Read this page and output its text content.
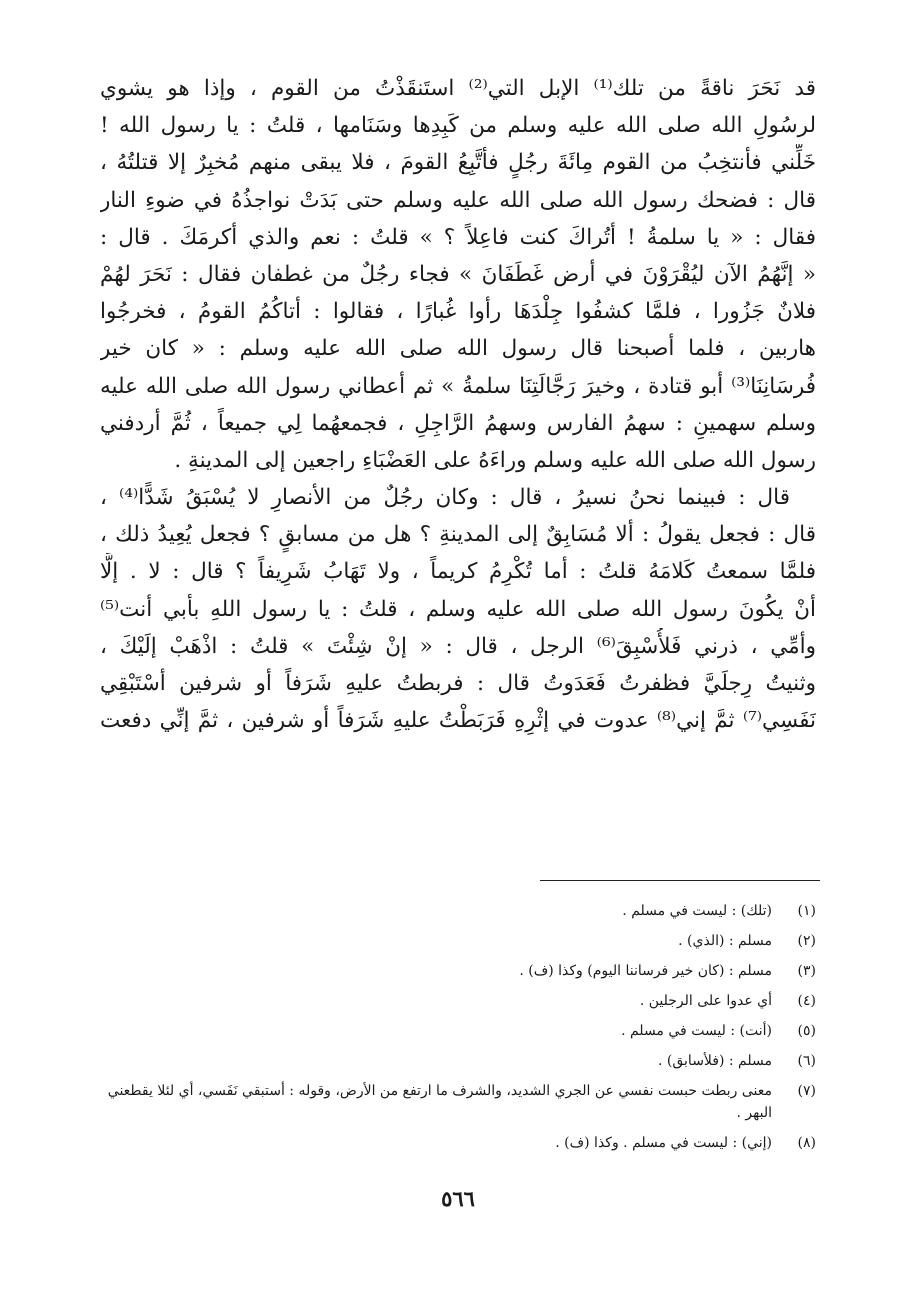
قد نَحَرَ ناقةً من تلك⁽¹⁾ الإبل التي⁽²⁾ استَنقَذْتُ من القوم ، وإذا هو يشوي
لرسُولِ الله صلى الله عليه وسلم من كَبِدِها وسَنَامها ، قلتُ : يا رسول الله !
خَلِّني فأنتخِبُ من القوم مِائَةَ رجُلٍ فأتَّبِعُ القومَ ، فلا يبقى منهم مُخبِرٌ إلا قتلتُهُ ،
قال : فضحك رسول الله صلى الله عليه وسلم حتى بَدَتْ نواجذُهُ في ضوءِ النار
فقال : « يا سلمةُ ! أتُراكَ كنت فاعِلاً ؟ » قلتُ : نعم والذي أكرمَكَ . قال :
« إنَّهُمُ الآن ليُقْرَوْنَ في أرض غَطَفَانَ » فجاء رجُلٌ من غطفان فقال : نَحَرَ لهُمْ
فلانٌ جَزُورا ، فلمَّا كشفُوا جِلْدَهَا رأوا غُبارًا ، فقالوا : أتاكُمُ القومُ ، فخرجُوا
هاربين ، فلما أصبحنا قال رسول الله صلى الله عليه وسلم : « كان خير
فُرسَانِنَا⁽³⁾ أبو قتادة ، وخيرَ رَجَّالَتِنَا سلمةُ » ثم أعطاني رسول الله صلى الله عليه
وسلم سهمينِ : سهمُ الفارس وسهمُ الرَّاجِلِ ، فجمعهُما لِي جميعاً ، ثُمَّ أردفني
رسول الله صلى الله عليه وسلم وراءَهُ على العَضْبَاءِ راجعين إلى المدينةِ .
قال : فبينما نحنُ نسيرُ ، قال : وكان رجُلٌ من الأنصارِ لا يُسْبَقُ شَدًّا⁽⁴⁾ ،
قال : فجعل يقولُ : ألا مُسَابِقٌ إلى المدينةِ ؟ هل من مسابقٍ ؟ فجعل يُعِيدُ ذلك ،
فلمَّا سمعتُ كَلامَهُ قلتُ : أما تُكْرِمُ كريماً ، ولا تَهَابُ شَرِيفاً ؟ قال : لا . إلَّا
أنْ يكُونَ رسول الله صلى الله عليه وسلم ، قلتُ : يا رسول اللهِ بأبي أنت⁽⁵⁾
وأمِّي ، ذرني فَلأُسْبِقَ⁽⁶⁾ الرجل ، قال : « إنْ شِئْتَ » قلتُ : اذْهَبْ إلَيْكَ ،
وثنيتُ رِجلَيَّ فظفرتُ فَعَدَوتُ قال : فربطتُ عليهِ شَرَفاً أو شرفين أسْتَبْقِي
نَفَسِي⁽⁷⁾ ثمَّ إني⁽⁸⁾ عدوت في إثْرِهِ فَرَبَطْتُ عليهِ شَرَفاً أو شرفين ، ثمَّ إنِّي دفعت
(١)
(تلك) : ليست في مسلم .
(٢)
مسلم : (الذي) .
(٣)
مسلم : (كان خير فرساننا اليوم) وكذا (ف) .
(٤)
أي عدوا على الرجلين .
(٥)
(أنت) : ليست في مسلم .
(٦)
مسلم : (فلأسابق) .
(٧)
معنى ربطت حبست نفسي عن الجري الشديد، والشرف ما ارتفع من الأرض، وقوله : أستبقي نَفَسي، أي لئلا يقطعني البهر .
(٨)
(إني) : ليست في مسلم . وكذا (ف) .
٥٦٦
